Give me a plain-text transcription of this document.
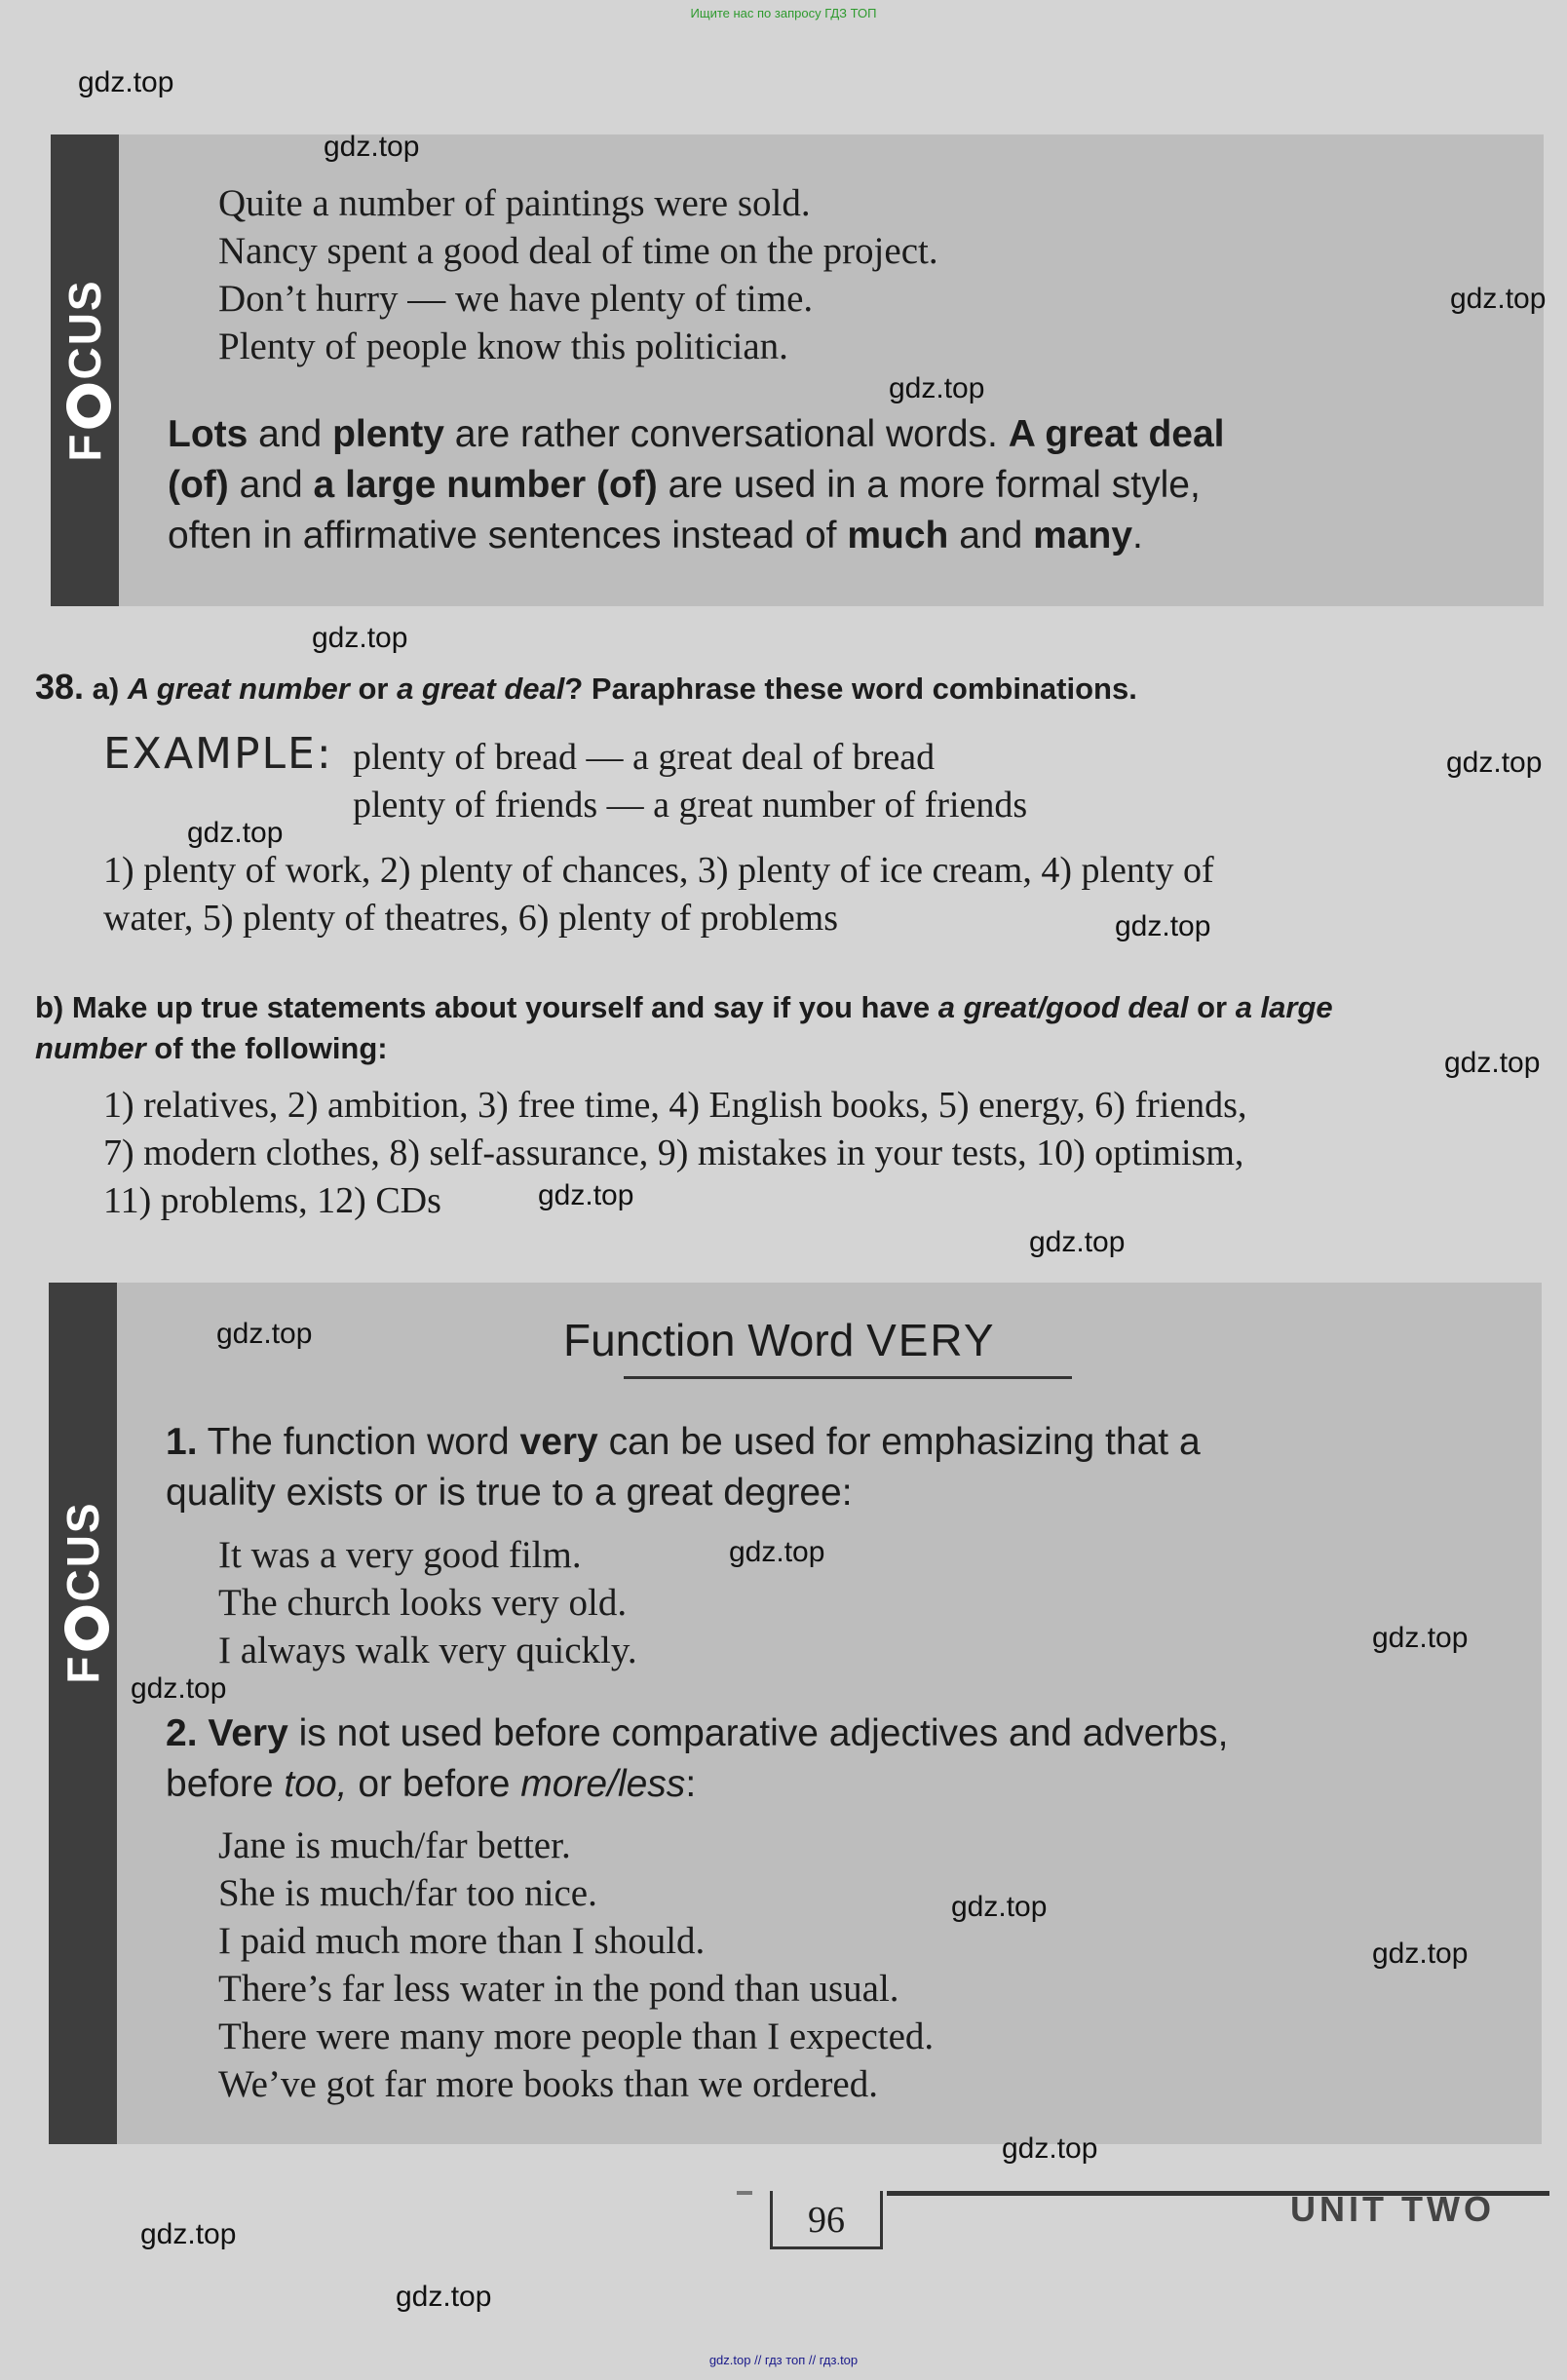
Ищите нас по запросу ГДЗ ТОП
gdz.top // гдз топ // гдз.top
FCUS
Quite a number of paintings were sold.
Nancy spent a good deal of time on the project.
Don’t hurry — we have plenty of time.
Plenty of people know this politician.
Lots and plenty are rather conversational words. A great deal
(of) and a large number (of) are used in a more formal style,
often in affirmative sentences instead of much and many.
38. a) A great number or a great deal? Paraphrase these word combinations.
EXAMPLE: plenty of bread — a great deal of bread
plenty of friends — a great number of friends
1) plenty of work, 2) plenty of chances, 3) plenty of ice cream, 4) plenty of
water, 5) plenty of theatres, 6) plenty of problems
b) Make up true statements about yourself and say if you have a great/good deal or a large
number of the following:
1) relatives, 2) ambition, 3) free time, 4) English books, 5) energy, 6) friends,
7) modern clothes, 8) self-assurance, 9) mistakes in your tests, 10) optimism,
11) problems, 12) CDs
FCUS
Function Word VERY
1. The function word very can be used for emphasizing that a
quality exists or is true to a great degree:
It was a very good film.
The church looks very old.
I always walk very quickly.
2. Very is not used before comparative adjectives and adverbs,
before too, or before more/less:
Jane is much/far better.
She is much/far too nice.
I paid much more than I should.
There’s far less water in the pond than usual.
There were many more people than I expected.
We’ve got far more books than we ordered.
96	UNIT TWO
gdz.top
gdz.top
gdz.top
gdz.top
gdz.top
gdz.top
gdz.top
gdz.top
gdz.top
gdz.top
gdz.top
gdz.top
gdz.top
gdz.top
gdz.top
gdz.top
gdz.top
gdz.top
gdz.top
gdz.top
